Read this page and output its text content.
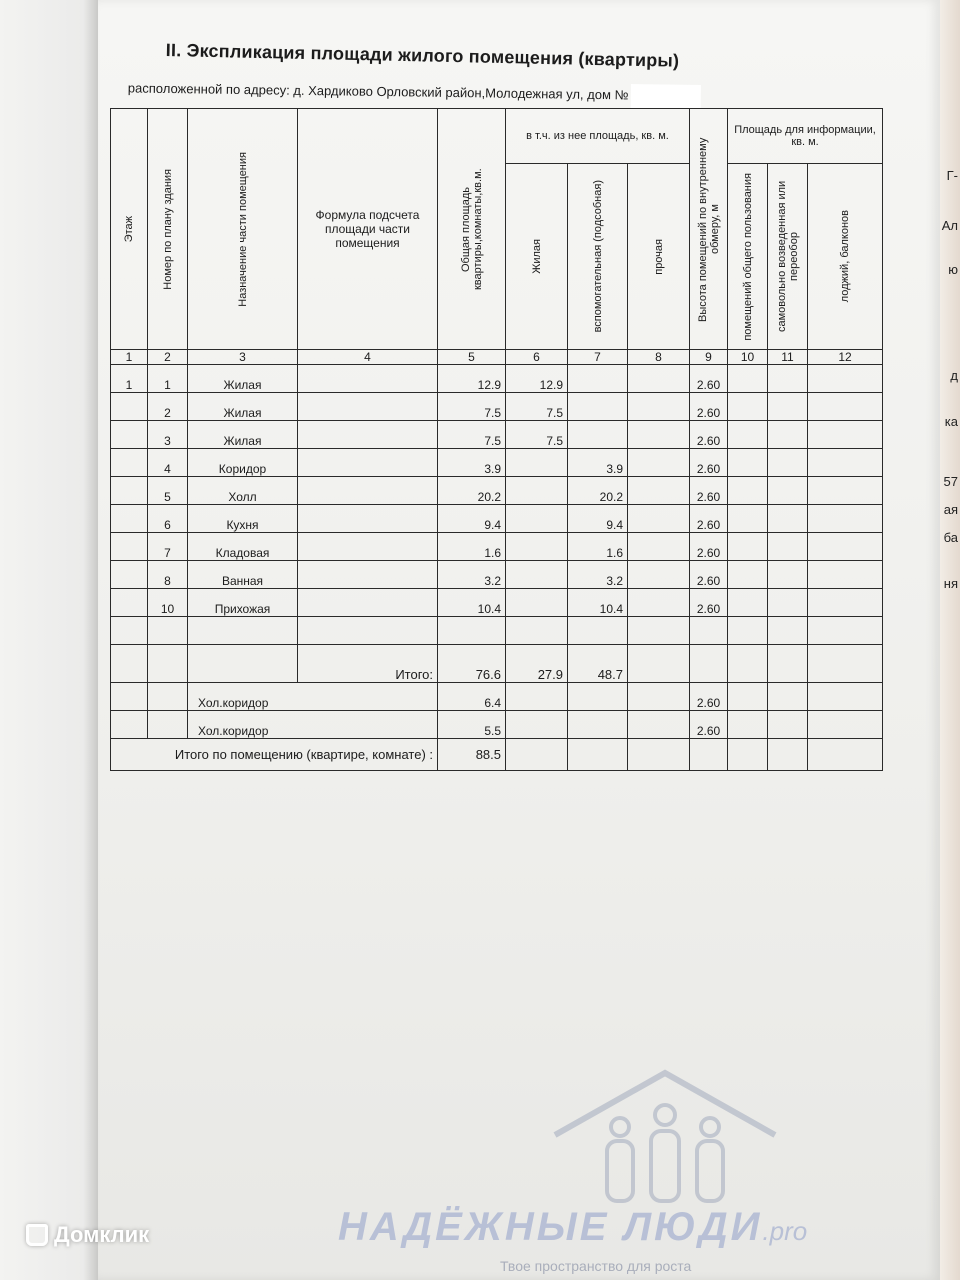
Г-
Ал
ю
д
ка
57
ая
ба
ня
II. Экспликация площади жилого помещения (квартиры)
расположенной по адресу: д. Хардиково Орловский район,Молодежная ул, дом №
Этаж	Номер по плану здания	Назначение части помещения	Формула подсчета площади части помещения	Общая площадь квартиры,комнаты,кв.м.	в т.ч. из нее площадь, кв. м.			Высота помещений по внутреннему обмеру, м	Площадь для информации, кв. м.		

					Жилая	вспомогательная (подсобная)	прочая		помещений общего пользования	самовольно возведенная или переобор	лоджий, балконов

1	2	3	4	5	6	7	8	9	10	11	12
1	1	Жилая		12.9	12.9			2.60			
	2	Жилая		7.5	7.5			2.60			
	3	Жилая		7.5	7.5			2.60			
	4	Коридор		3.9		3.9		2.60			
	5	Холл		20.2		20.2		2.60			
	6	Кухня		9.4		9.4		2.60			
	7	Кладовая		1.6		1.6		2.60			
	8	Ванная		3.2		3.2		2.60			
	10	Прихожая		10.4		10.4		2.60			

			Итого:	76.6	27.9	48.7					
		Хол.коридор		6.4				2.60			
		Хол.коридор		5.5				2.60			
Итого по помещению (квартире, комнате) :				88.5							
НАДЁЖНЫЕ ЛЮДИ.pro
Твое пространство для роста
Домклик
